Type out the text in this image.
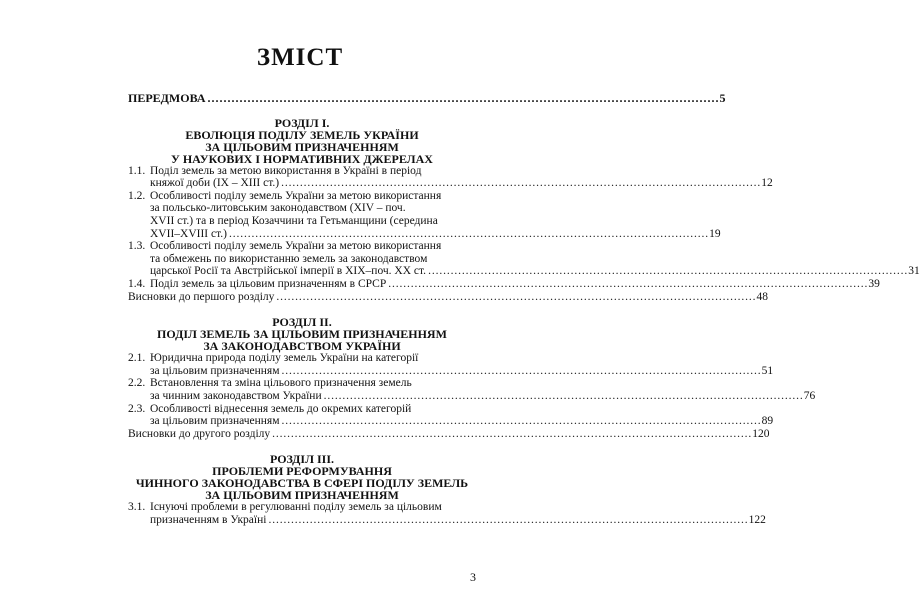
ЗМІСТ
ПЕРЕДМОВА . . .	5
РОЗДІЛ І.
ЕВОЛЮЦІЯ ПОДІЛУ ЗЕМЕЛЬ УКРАЇНИ
ЗА ЦІЛЬОВИМ ПРИЗНАЧЕННЯМ
У НАУКОВИХ І НОРМАТИВНИХ ДЖЕРЕЛАХ
1.1. Поділ земель за метою використання в Україні в період
княжої доби (IX – XIII ст.) . . .	12
1.2. Особливості поділу земель України за метою використання
за польсько-литовським законодавством (XIV – поч.
XVII ст.) та в період Козаччини та Гетьманщини (середина
XVII–XVIII ст.) . . .	19
1.3. Особливості поділу земель України за метою використання
та обмежень по використанню земель за законодавством
царської Росії та Австрійської імперії в XIX–поч. XX ст. . . .	31
1.4. Поділ земель за цільовим призначенням в СРСР . . .	39
Висновки до першого розділу . . .	48
РОЗДІЛ ІІ.
ПОДІЛ ЗЕМЕЛЬ ЗА ЦІЛЬОВИМ ПРИЗНАЧЕННЯМ
ЗА ЗАКОНОДАВСТВОМ УКРАЇНИ
2.1. Юридична природа поділу земель України на категорії
за цільовим призначенням . . .	51
2.2. Встановлення та зміна цільового призначення земель
за чинним законодавством України . . .	76
2.3. Особливості віднесення земель до окремих категорій
за цільовим призначенням . . .	89
Висновки до другого розділу . . .	120
РОЗДІЛ ІІІ.
ПРОБЛЕМИ РЕФОРМУВАННЯ
ЧИННОГО ЗАКОНОДАВСТВА В СФЕРІ ПОДІЛУ ЗЕМЕЛЬ
ЗА ЦІЛЬОВИМ ПРИЗНАЧЕННЯМ
3.1. Існуючі проблеми в регулюванні поділу земель за цільовим
призначенням в Україні . . .	122
3
